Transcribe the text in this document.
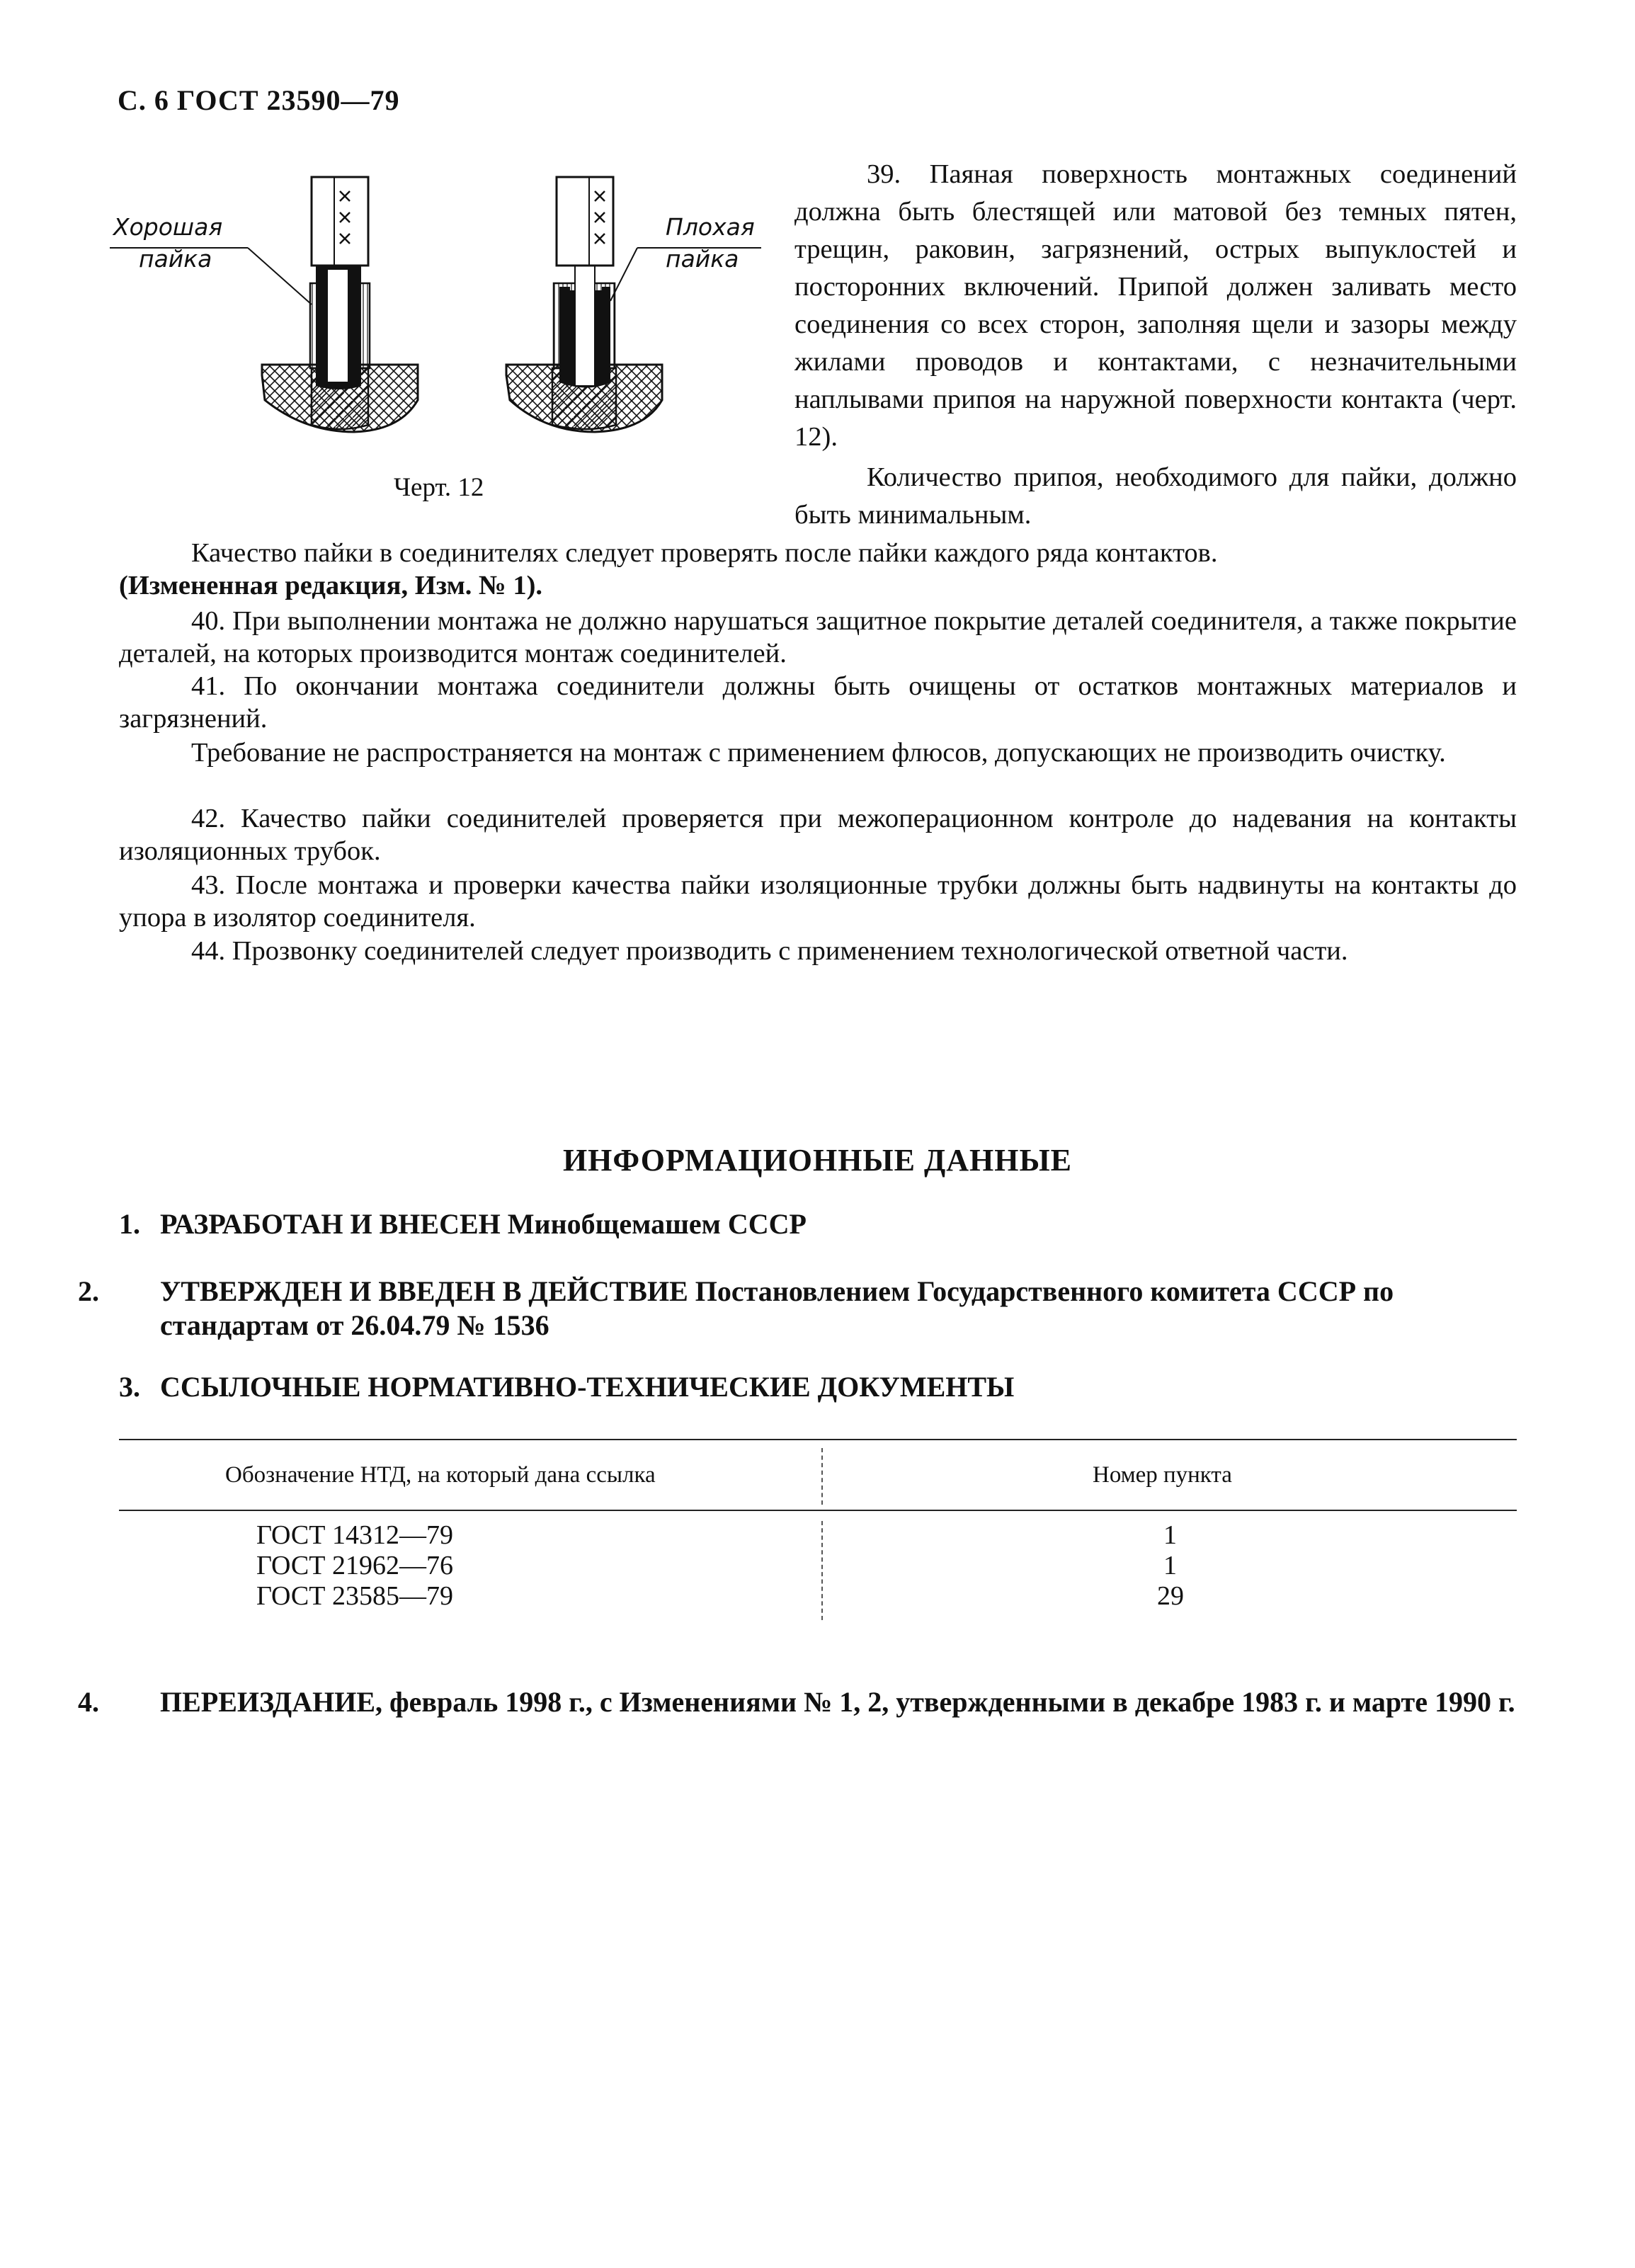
С. 6 ГОСТ 23590—79
Хорошая
пайка
Плохая
пайка
Черт. 12
39. Паяная поверхность монтажных соединений должна быть блестящей или матовой без темных пятен, трещин, раковин, загрязнений, острых выпуклостей и посторонних включений. Припой должен заливать место соединения со всех сторон, заполняя щели и зазоры между жилами проводов и контактами, с незначительными наплывами припоя на наружной поверхности контакта (черт. 12).
Количество припоя, необходимого для пайки, должно быть минимальным.
Качество пайки в соединителях следует проверять после пайки каждого ряда контактов.
(Измененная редакция, Изм. № 1).
40. При выполнении монтажа не должно нарушаться защитное покрытие деталей соединителя, а также покрытие деталей, на которых производится монтаж соединителей.
41. По окончании монтажа соединители должны быть очищены от остатков монтажных материалов и загрязнений.
Требование не распространяется на монтаж с применением флюсов, допускающих не производить очистку.
42. Качество пайки соединителей проверяется при межоперационном контроле до надевания на контакты изоляционных трубок.
43. После монтажа и проверки качества пайки изоляционные трубки должны быть надвинуты на контакты до упора в изолятор соединителя.
44. Прозвонку соединителей следует производить с применением технологической ответной части.
ИНФОРМАЦИОННЫЕ ДАННЫЕ
1. РАЗРАБОТАН И ВНЕСЕН Минобщемашем СССР
2. УТВЕРЖДЕН И ВВЕДЕН В ДЕЙСТВИЕ Постановлением Государственного комитета СССР по стандартам от 26.04.79 № 1536
3. ССЫЛОЧНЫЕ НОРМАТИВНО-ТЕХНИЧЕСКИЕ ДОКУМЕНТЫ
Обозначение НТД, на который дана ссылка	Номер пункта
ГОСТ 14312—79	1
ГОСТ 21962—76	1
ГОСТ 23585—79	29
4. ПЕРЕИЗДАНИЕ, февраль 1998 г., с Изменениями № 1, 2, утвержденными в декабре 1983 г. и марте 1990 г.
